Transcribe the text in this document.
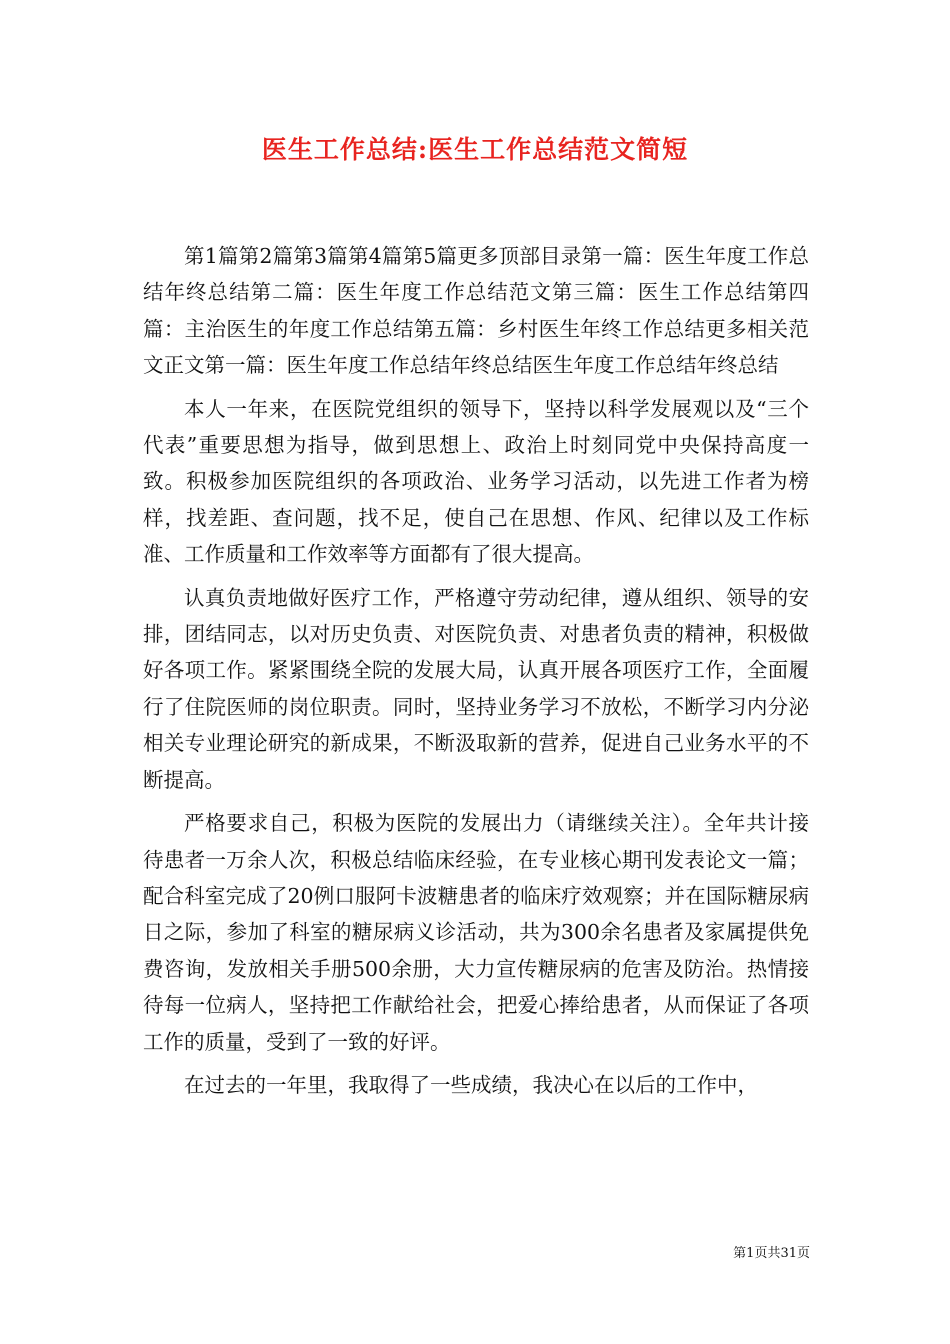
医生工作总结:医生工作总结范文简短

第1篇第2篇第3篇第4篇第5篇更多顶部目录第一篇：医生年度工作总结年终总结第二篇：医生年度工作总结范文第三篇：医生工作总结第四篇：主治医生的年度工作总结第五篇：乡村医生年终工作总结更多相关范文正文第一篇：医生年度工作总结年终总结医生年度工作总结年终总结

本人一年来，在医院党组织的领导下，坚持以科学发展观以及“三个代表”重要思想为指导，做到思想上、政治上时刻同党中央保持高度一致。积极参加医院组织的各项政治、业务学习活动，以先进工作者为榜样，找差距、查问题，找不足，使自己在思想、作风、纪律以及工作标准、工作质量和工作效率等方面都有了很大提高。

认真负责地做好医疗工作，严格遵守劳动纪律，遵从组织、领导的安排，团结同志，以对历史负责、对医院负责、对患者负责的精神，积极做好各项工作。紧紧围绕全院的发展大局，认真开展各项医疗工作，全面履行了住院医师的岗位职责。同时，坚持业务学习不放松，不断学习内分泌相关专业理论研究的新成果，不断汲取新的营养，促进自己业务水平的不断提高。

严格要求自己，积极为医院的发展出力（请继续关注）。全年共计接待患者一万余人次，积极总结临床经验，在专业核心期刊发表论文一篇；配合科室完成了20例口服阿卡波糖患者的临床疗效观察；并在国际糖尿病日之际，参加了科室的糖尿病义诊活动，共为300余名患者及家属提供免费咨询，发放相关手册500余册，大力宣传糖尿病的危害及防治。热情接待每一位病人，坚持把工作献给社会，把爱心捧给患者，从而保证了各项工作的质量，受到了一致的好评。

在过去的一年里，我取得了一些成绩，我决心在以后的工作中，

第1页共31页
